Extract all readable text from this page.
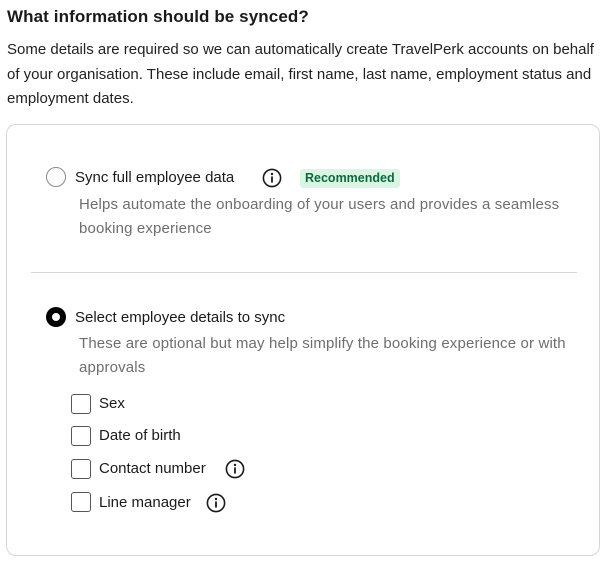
What information should be synced?

Some details are required so we can automatically create TravelPerk accounts on behalf of your organisation. These include email, first name, last name, employment status and employment dates.

Sync full employee data	Recommended
Helps automate the onboarding of your users and provides a seamless booking experience
Select employee details to sync
These are optional but may help simplify the booking experience or with approvals
Sex
Date of birth
Contact number
Line manager
